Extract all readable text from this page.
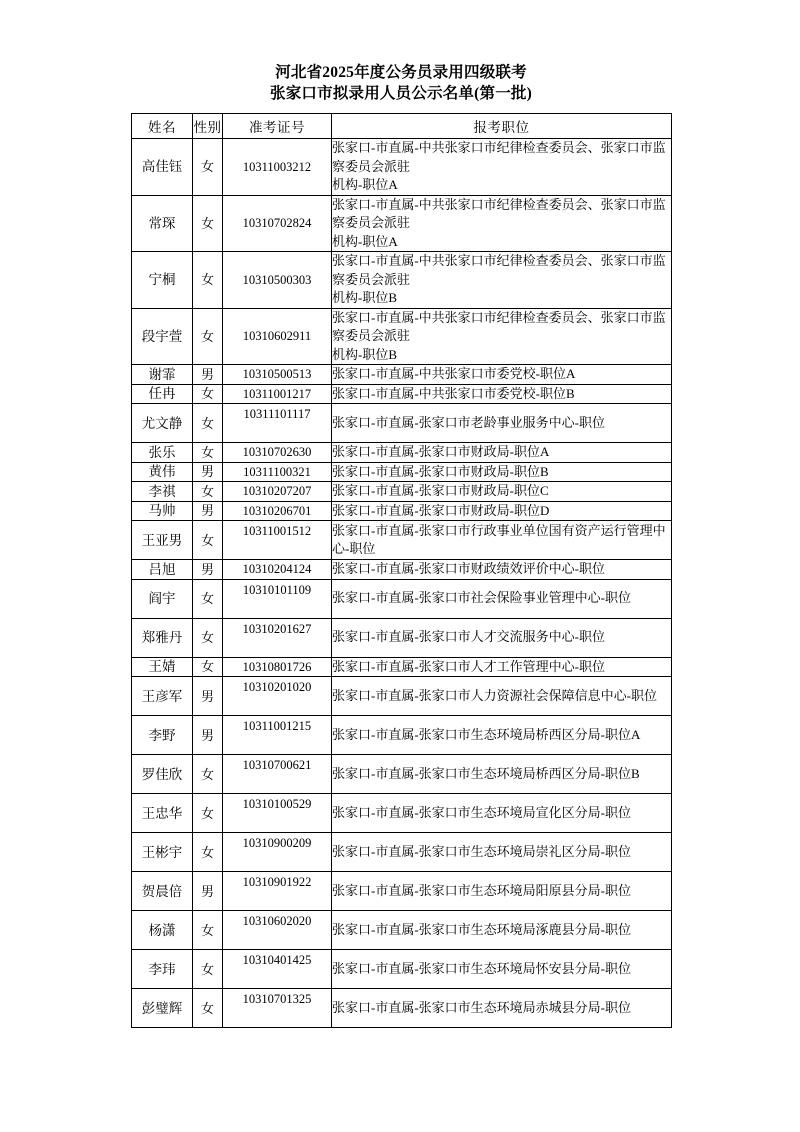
河北省2025年度公务员录用四级联考
张家口市拟录用人员公示名单(第一批)
姓名	性别	准考证号	报考职位
高佳钰	女	10311003212	张家口-市直属-中共张家口市纪律检查委员会、张家口市监察委员会派驻
机构-职位A

常琛	女	10310702824	张家口-市直属-中共张家口市纪律检查委员会、张家口市监察委员会派驻
机构-职位A

宁桐	女	10310500303	张家口-市直属-中共张家口市纪律检查委员会、张家口市监察委员会派驻
机构-职位B

段宇萱	女	10310602911	张家口-市直属-中共张家口市纪律检查委员会、张家口市监察委员会派驻
机构-职位B

谢霏	男	10310500513	张家口-市直属-中共张家口市委党校-职位A

任冉	女	10311001217	张家口-市直属-中共张家口市委党校-职位B

尤文静	女	10311101117	张家口-市直属-张家口市老龄事业服务中心-职位

张乐	女	10310702630	张家口-市直属-张家口市财政局-职位A

黄伟	男	10311100321	张家口-市直属-张家口市财政局-职位B

李祺	女	10310207207	张家口-市直属-张家口市财政局-职位C

马帅	男	10310206701	张家口-市直属-张家口市财政局-职位D

王亚男	女	10311001512	张家口-市直属-张家口市行政事业单位国有资产运行管理中心-职位

吕旭	男	10310204124	张家口-市直属-张家口市财政绩效评价中心-职位

阎宇	女	10310101109	张家口-市直属-张家口市社会保险事业管理中心-职位

郑雅丹	女	10310201627	张家口-市直属-张家口市人才交流服务中心-职位

王婧	女	10310801726	张家口-市直属-张家口市人才工作管理中心-职位

王彦军	男	10310201020	张家口-市直属-张家口市人力资源社会保障信息中心-职位

李野	男	10311001215	张家口-市直属-张家口市生态环境局桥西区分局-职位A

罗佳欣	女	10310700621	张家口-市直属-张家口市生态环境局桥西区分局-职位B

王忠华	女	10310100529	张家口-市直属-张家口市生态环境局宣化区分局-职位

王彬宇	女	10310900209	张家口-市直属-张家口市生态环境局崇礼区分局-职位

贺晨倍	男	10310901922	张家口-市直属-张家口市生态环境局阳原县分局-职位

杨潇	女	10310602020	张家口-市直属-张家口市生态环境局涿鹿县分局-职位

李玮	女	10310401425	张家口-市直属-张家口市生态环境局怀安县分局-职位

彭璧辉	女	10310701325	张家口-市直属-张家口市生态环境局赤城县分局-职位
